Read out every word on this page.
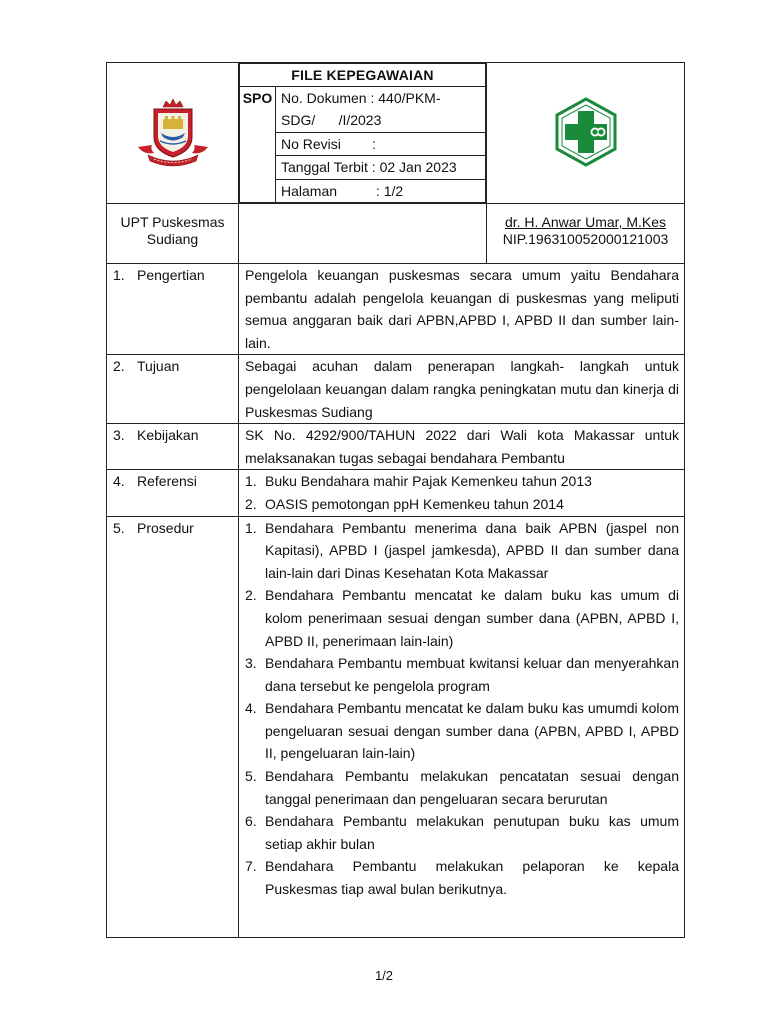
FILE KEPEGAWAIAN
SPO	No. Dokumen : 440/PKM-
SDG/      /I/2023

No Revisi        :
Tanggal Terbit : 02 Jan 2023
Halaman          : 1/2

UPT Puskesmas
Sudiang

dr. H. Anwar Umar, M.Kes
NIP.196310052000121003
1. Pengertian	Pengelola keuangan puskesmas secara umum yaitu Bendahara pembantu adalah pengelola keuangan di puskesmas yang meliputi semua anggaran baik dari APBN,APBD I, APBD II dan sumber lain-lain.
2. Tujuan	Sebagai acuhan dalam penerapan langkah- langkah untuk pengelolaan keuangan dalam rangka peningkatan mutu dan kinerja di Puskesmas Sudiang
3. Kebijakan	SK No. 4292/900/TAHUN 2022 dari Wali kota Makassar untuk melaksanakan tugas sebagai bendahara Pembantu
4. Referensi	1. Buku Bendahara mahir Pajak Kemenkeu tahun 2013
2. OASIS pemotongan ppH Kemenkeu tahun 2014

5. Prosedur	1. Bendahara Pembantu menerima dana baik APBN (jaspel non Kapitasi), APBD I (jaspel jamkesda), APBD II dan sumber dana lain-lain dari Dinas Kesehatan Kota Makassar
2. Bendahara Pembantu mencatat ke dalam buku kas umum di kolom penerimaan sesuai dengan sumber dana (APBN, APBD I, APBD II, penerimaan lain-lain)
3. Bendahara Pembantu membuat kwitansi keluar dan menyerahkan dana tersebut ke pengelola program
4. Bendahara Pembantu mencatat ke dalam buku kas umumdi kolom pengeluaran sesuai dengan sumber dana (APBN, APBD I, APBD II, pengeluaran lain-lain)
5. Bendahara Pembantu melakukan pencatatan sesuai dengan tanggal penerimaan dan pengeluaran secara berurutan
6. Bendahara Pembantu melakukan penutupan buku kas umum setiap akhir bulan
7. Bendahara Pembantu melakukan pelaporan ke kepala Puskesmas tiap awal bulan berikutnya.
1/2
